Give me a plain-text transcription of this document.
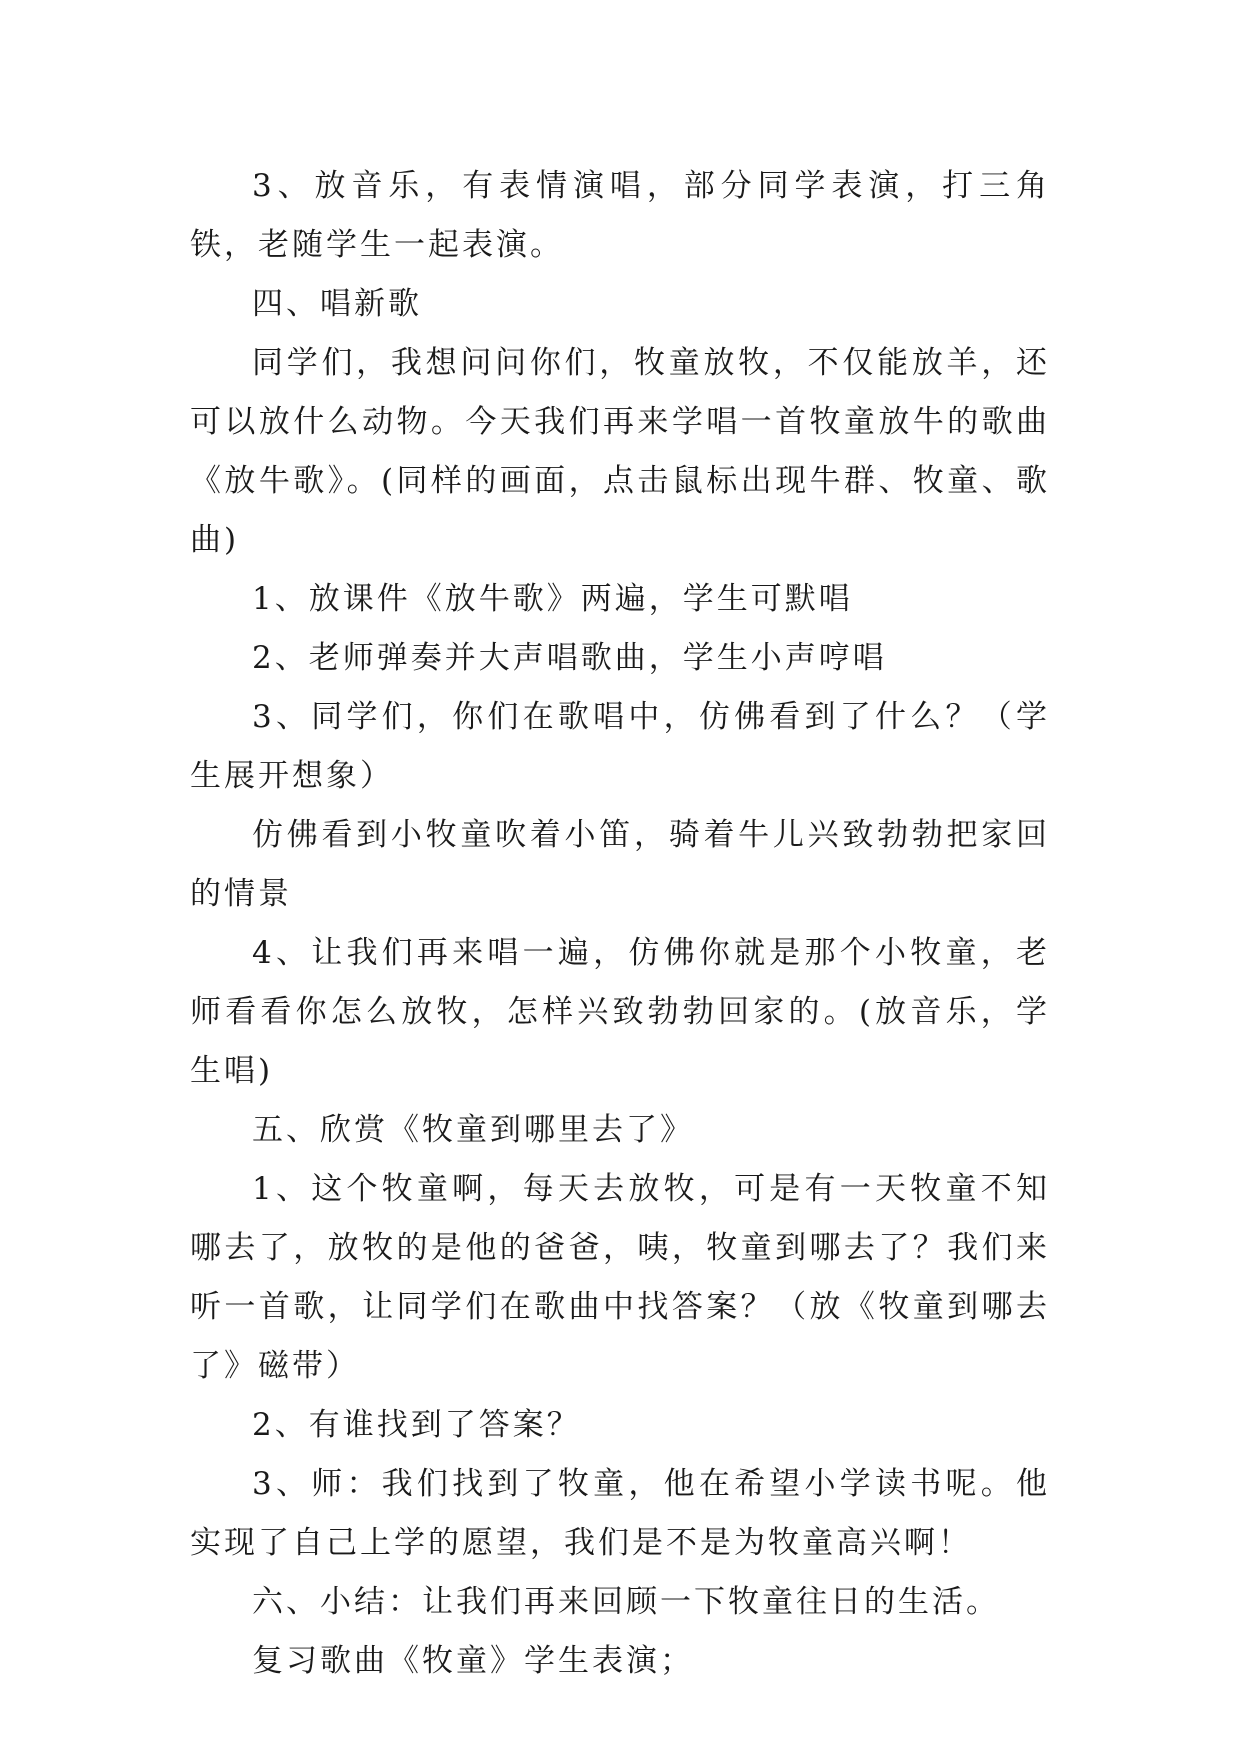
3、放音乐，有表情演唱，部分同学表演，打三角铁，老随学生一起表演。

四、唱新歌

同学们，我想问问你们，牧童放牧，不仅能放羊，还可以放什么动物。今天我们再来学唱一首牧童放牛的歌曲《放牛歌》。(同样的画面，点击鼠标出现牛群、牧童、歌曲)

1、放课件《放牛歌》两遍，学生可默唱

2、老师弹奏并大声唱歌曲，学生小声哼唱

3、同学们，你们在歌唱中，仿佛看到了什么？（学生展开想象）

仿佛看到小牧童吹着小笛，骑着牛儿兴致勃勃把家回的情景

4、让我们再来唱一遍，仿佛你就是那个小牧童，老师看看你怎么放牧，怎样兴致勃勃回家的。(放音乐，学生唱)

五、欣赏《牧童到哪里去了》

1、这个牧童啊，每天去放牧，可是有一天牧童不知哪去了，放牧的是他的爸爸，咦，牧童到哪去了？我们来听一首歌，让同学们在歌曲中找答案？（放《牧童到哪去了》磁带）

2、有谁找到了答案？

3、师：我们找到了牧童，他在希望小学读书呢。他实现了自己上学的愿望，我们是不是为牧童高兴啊！

六、小结：让我们再来回顾一下牧童往日的生活。

复习歌曲《牧童》学生表演；
